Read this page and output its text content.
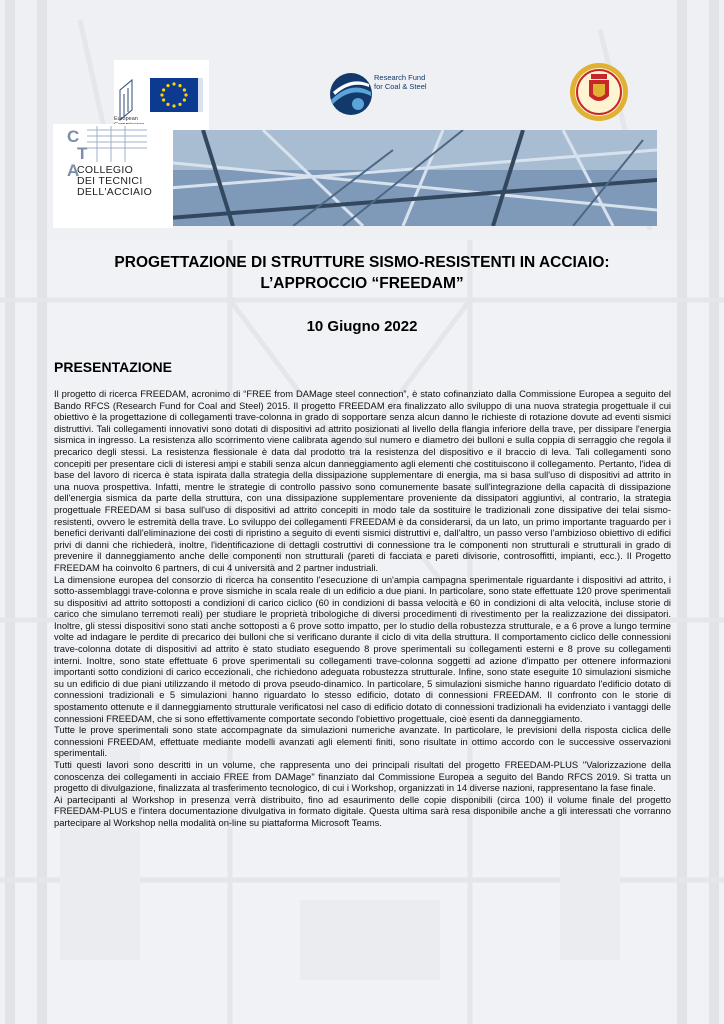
European

Research Fund
for Coal & Steel
C
T
A
COLLEGIO
DEI TECNICI
DELL'ACCIAIO
PROGETTAZIONE DI STRUTTURE SISMO-RESISTENTI IN ACCIAIO:
L’APPROCCIO “FREEDAM”
10 Giugno 2022
PRESENTAZIONE

Il progetto di ricerca FREEDAM, acronimo di “FREE from DAMage steel connection”, è stato cofinanziato dalla Commissione Europea a seguito del Bando RFCS (Research Fund for Coal and Steel) 2015. Il progetto FREEDAM era finalizzato allo sviluppo di una nuova strategia progettuale il cui obiettivo è la progettazione di collegamenti trave-colonna in grado di sopportare senza alcun danno le richieste di rotazione dovute ad eventi sismici distruttivi. Tali collegamenti innovativi sono dotati di dispositivi ad attrito posizionati al livello della flangia inferiore della trave, per dissipare l'energia sismica in ingresso. La resistenza allo scorrimento viene calibrata agendo sul numero e diametro dei bulloni e sulla coppia di serraggio che regola il precarico degli stessi. La resistenza flessionale è data dal prodotto tra la resistenza del dispositivo e il braccio di leva. Tali collegamenti sono concepiti per presentare cicli di isteresi ampi e stabili senza alcun danneggiamento agli elementi che costituiscono il collegamento. Pertanto, l'idea di base del lavoro di ricerca è stata ispirata dalla strategia della dissipazione supplementare di energia, ma si basa sull'uso di dispositivi ad attrito in una nuova prospettiva. Infatti, mentre le strategie di controllo passivo sono comunemente basate sull'integrazione della capacità di dissipazione dell'energia sismica da parte della struttura, con una dissipazione supplementare proveniente da dissipatori aggiuntivi, al contrario, la strategia progettuale FREEDAM si basa sull'uso di dispositivi ad attrito concepiti in modo tale da sostituire le tradizionali zone dissipative dei telai sismo-resistenti, ovvero le estremità della trave. Lo sviluppo dei collegamenti FREEDAM è da considerarsi, da un lato, un primo importante traguardo per i benefici derivanti dall'eliminazione dei costi di ripristino a seguito di eventi sismici distruttivi e, dall'altro, un passo verso l'ambizioso obiettivo di edifici privi di danni che richiederà, inoltre, l'identificazione di dettagli costruttivi di connessione tra le componenti non strutturali e strutturali in grado di prevenire il danneggiamento anche delle componenti non strutturali (pareti di facciata e pareti divisorie, controsoffitti, impianti, ecc.). Il Progetto FREEDAM ha coinvolto 6 partners, di cui 4 università and 2 partner industriali.

La dimensione europea del consorzio di ricerca ha consentito l'esecuzione di un'ampia campagna sperimentale riguardante i dispositivi ad attrito, i sotto-assemblaggi trave-colonna e prove sismiche in scala reale di un edificio a due piani. In particolare, sono state effettuate 120 prove sperimentali su dispositivi ad attrito sottoposti a condizioni di carico ciclico (60 in condizioni di bassa velocità e 60 in condizioni di alta velocità, incluse storie di carico che simulano terremoti reali) per studiare le proprietà tribologiche di diversi procedimenti di rivestimento per la realizzazione dei dissipatori. Inoltre, gli stessi dispositivi sono stati anche sottoposti a 6 prove sotto impatto, per lo studio della robustezza strutturale, e a 6 prove a lungo termine volte ad indagare le perdite di precarico dei bulloni che si verificano durante il ciclo di vita della struttura. Il comportamento ciclico delle connessioni trave-colonna dotate di dispositivi ad attrito è stato studiato eseguendo 8 prove sperimentali su collegamenti esterni e 8 prove su collegamenti interni. Inoltre, sono state effettuate 6 prove sperimentali su collegamenti trave-colonna soggetti ad azione d'impatto per ottenere informazioni importanti sotto condizioni di carico eccezionali, che richiedono adeguata robustezza strutturale. Infine, sono state eseguite 10 simulazioni sismiche su un edificio di due piani utilizzando il metodo di prova pseudo-dinamico. In particolare, 5 simulazioni sismiche hanno riguardato l'edificio dotato di connessioni tradizionali e 5 simulazioni hanno riguardato lo stesso edificio, dotato di connessioni FREEDAM. Il confronto con le storie di spostamento ottenute e il danneggiamento strutturale verificatosi nel caso di edificio dotato di connessioni tradizionali ha evidenziato i vantaggi delle connessioni FREEDAM, che si sono effettivamente comportate secondo l'obiettivo progettuale, cioè esenti da danneggiamento.

Tutte le prove sperimentali sono state accompagnate da simulazioni numeriche avanzate. In particolare, le previsioni della risposta ciclica delle connessioni FREEDAM, effettuate mediante modelli avanzati agli elementi finiti, sono risultate in ottimo accordo con le successive osservazioni sperimentali.

Tutti questi lavori sono descritti in un volume, che rappresenta uno dei principali risultati del progetto FREEDAM-PLUS "Valorizzazione della conoscenza dei collegamenti in acciaio FREE from DAMage" finanziato dal Commissione Europea a seguito del Bando RFCS 2019. Si tratta un progetto di divulgazione, finalizzata al trasferimento tecnologico, di cui i Workshop, organizzati in 14 diverse nazioni, rappresentano la fase finale.

Ai partecipanti al Workshop in presenza verrà distribuito, fino ad esaurimento delle copie disponibili (circa 100) il volume finale del progetto FREEDAM-PLUS e l'intera documentazione divulgativa in formato digitale. Questa ultima sarà resa disponibile anche a gli interessati che vorranno partecipare al Workshop nella modalità on-line su piattaforma Microsoft Teams.
